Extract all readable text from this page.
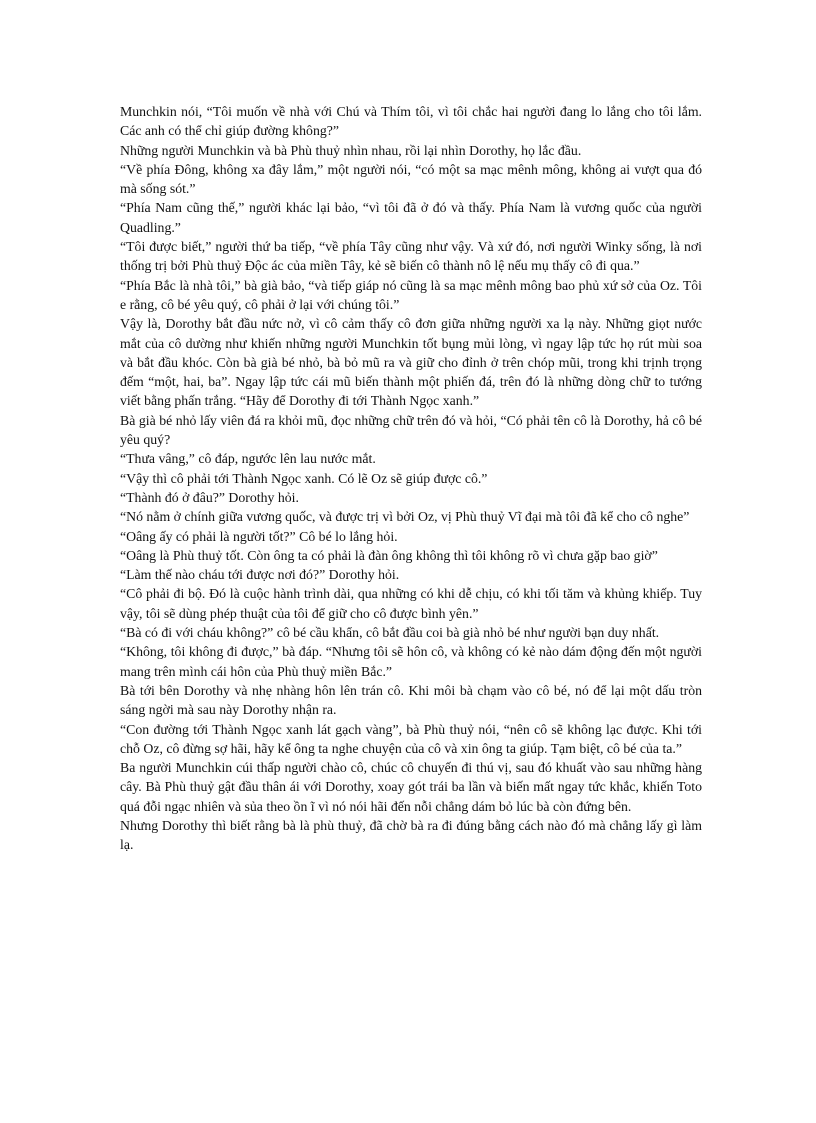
Munchkin nói, “Tôi muốn về nhà với Chú và Thím tôi, vì tôi chắc hai người đang lo lắng cho tôi lắm. Các anh có thể chỉ giúp đường không?”

Những người Munchkin và bà Phù thuỷ nhìn nhau, rồi lại nhìn Dorothy, họ lắc đầu.

“Về phía Đông, không xa đây lắm,” một người nói, “có một sa mạc mênh mông, không ai vượt qua đó mà sống sót.”

“Phía Nam cũng thế,” người khác lại bảo, “vì tôi đã ở đó và thấy. Phía Nam là vương quốc của người Quadling.”

“Tôi được biết,” người thứ ba tiếp, “về phía Tây cũng như vậy. Và xứ đó, nơi người Winky sống, là nơi thống trị bởi Phù thuỷ Độc ác của miền Tây, kẻ sẽ biến cô thành nô lệ nếu mụ thấy cô đi qua.”

“Phía Bắc là nhà tôi,” bà già bảo, “và tiếp giáp nó cũng là sa mạc mênh mông bao phủ xứ sở của Oz. Tôi e rằng, cô bé yêu quý, cô phải ở lại với chúng tôi.”

Vậy là, Dorothy bắt đầu nức nở, vì cô cảm thấy cô đơn giữa những người xa lạ này. Những giọt nước mắt của cô dường như khiến những người Munchkin tốt bụng mủi lòng, vì ngay lập tức họ rút mùi soa và bắt đầu khóc. Còn bà già bé nhỏ, bà bỏ mũ ra và giữ cho đỉnh ở trên chóp mũi, trong khi trịnh trọng đếm “một, hai, ba”. Ngay lập tức cái mũ biến thành một phiến đá, trên đó là những dòng chữ to tướng viết bằng phấn trắng. “Hãy để Dorothy đi tới Thành Ngọc xanh.”

Bà già bé nhỏ lấy viên đá ra khỏi mũ, đọc những chữ trên đó và hỏi, “Có phải tên cô là Dorothy, hả cô bé yêu quý?

“Thưa vâng,” cô đáp, ngước lên lau nước mắt.

“Vậy thì cô phải tới Thành Ngọc xanh. Có lẽ Oz sẽ giúp được cô.”

“Thành đó ở đâu?” Dorothy hỏi.

“Nó nằm ở chính giữa vương quốc, và được trị vì bởi Oz, vị Phù thuỷ Vĩ đại mà tôi đã kể cho cô nghe”

“Oâng ấy có phải là người tốt?” Cô bé lo lắng hỏi.

“Oâng là Phù thuỷ tốt. Còn ông ta có phải là đàn ông không thì tôi không rõ vì chưa gặp bao giờ”

“Làm thế nào cháu tới được nơi đó?” Dorothy hỏi.

“Cô phải đi bộ. Đó là cuộc hành trình dài, qua những có khi dễ chịu, có khi tối tăm và khủng khiếp. Tuy vậy, tôi sẽ dùng phép thuật của tôi để giữ cho cô được bình yên.”

“Bà có đi với cháu không?” cô bé cầu khẩn, cô bắt đầu coi bà già nhỏ bé như người bạn duy nhất.

“Không, tôi không đi được,” bà đáp. “Nhưng tôi sẽ hôn cô, và không có kẻ nào dám động đến một người mang trên mình cái hôn của Phù thuỷ miền Bắc.”

Bà tới bên Dorothy và nhẹ nhàng hôn lên trán cô. Khi môi bà chạm vào cô bé, nó để lại một dấu tròn sáng ngời mà sau này Dorothy nhận ra.

“Con đường tới Thành Ngọc xanh lát gạch vàng”, bà Phù thuỷ nói, “nên cô sẽ không lạc được. Khi tới chỗ Oz, cô đừng sợ hãi, hãy kể ông ta nghe chuyện của cô và xin ông ta giúp. Tạm biệt, cô bé của ta.”

Ba người Munchkin cúi thấp người chào cô, chúc cô chuyến đi thú vị, sau đó khuất vào sau những hàng cây. Bà Phù thuỷ gật đầu thân ái với Dorothy, xoay gót trái ba lần và biến mất ngay tức khắc, khiến Toto quá đỗi ngạc nhiên và sủa theo ồn ĩ vì nó nói hãi đến nỗi chẳng dám bỏ lúc bà còn đứng bên.

Nhưng Dorothy thì biết rằng bà là phù thuỷ, đã chờ bà ra đi đúng bằng cách nào đó mà chẳng lấy gì làm lạ.
